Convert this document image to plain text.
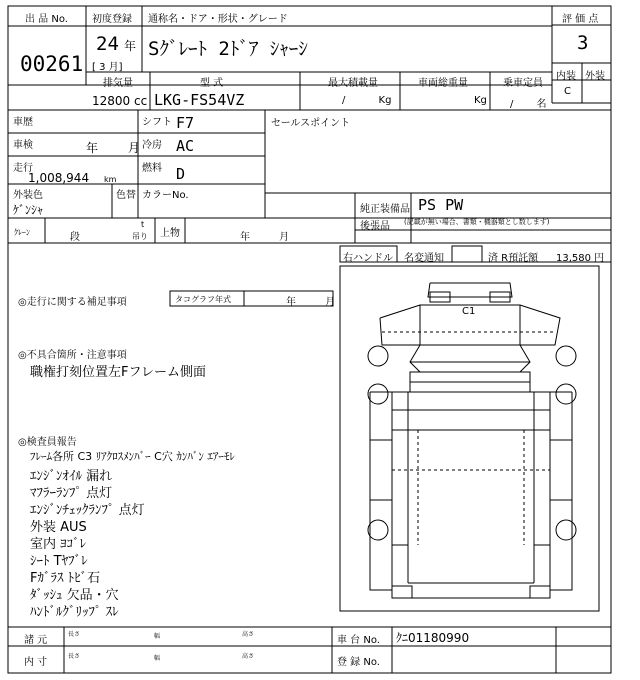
出 品 No.
00261
初度登録
24 年
[ 3 月]
通称名・ドア・形状・グレード
Sｸﾞﾚｰﾄ 2ﾄﾞｱ ｼｬｰｼ
評 価 点
3
内装 外装
C
排気量
12800 cc
型 式
LKG-FS54VZ
最大積載量
/ Kg
車両総重量
Kg
乗車定員
/ 名
車歴
車検	年 月
走行
1,008,944 km
外装色
ｹﾞﾝｼｬ
色替 カラーNo.
シフト F7
冷房 AC
燃料 D
セールスポイント
純正装備品 PS PW
後張品 (記載が無い場合、書類・機器類とし数します)
ｸﾚｰﾝ	段
t
吊り 上物	年 月
右ハンドル 名変通知	済 R預託額 13,580 円
◎走行に関する補足事項	タコグラフ年式	年 月
◎不具合箇所・注意事項
職権打刻位置左Fフレーム側面
◎検査員報告
ﾌﾚｰﾑ各所 C3 ﾘｱｸﾛｽﾒﾝﾊﾞｰ C穴 ｶﾝﾊﾞﾝ ｴｱｰﾓﾚ
ｴﾝｼﾞﾝｵｲﾙ 漏れ
ﾏﾌﾗｰﾗﾝﾌﾟ 点灯
ｴﾝｼﾞﾝﾁｪｯｸﾗﾝﾌﾟ 点灯
外装 AUS
室内 ﾖｺﾞﾚ
ｼｰﾄ Tﾔﾌﾞﾚ
Fｶﾞﾗｽ ﾄﾋﾞ石
ﾀﾞｯｼｭ 欠品・穴
ﾊﾝﾄﾞﾙｸﾞﾘｯﾌﾟ ｽﾚ
C1
諸 元
長さ	幅	高さ
車 台 No. ｸﾆ01180990
内 寸
長さ	幅	高さ
登 録 No.
